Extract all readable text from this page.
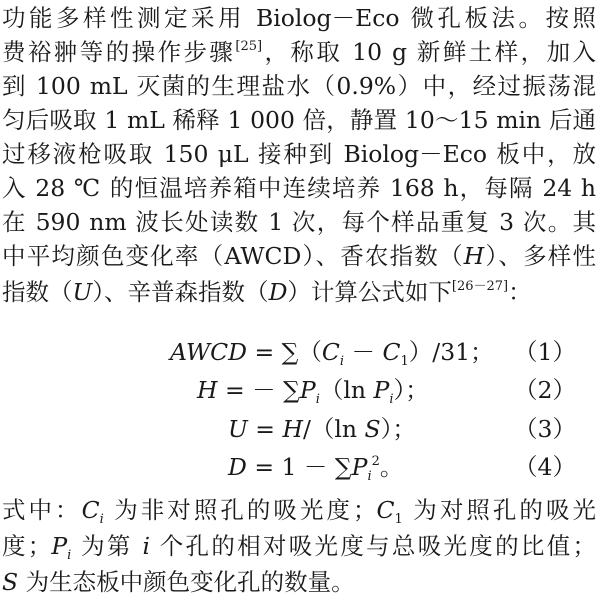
功能多样性测定采用 Biolog－Eco 微孔板法。按照
费裕翀等的操作步骤[25]，称取 10 g 新鲜土样，加入
到 100 mL 灭菌的生理盐水（0.9%）中，经过振荡混
匀后吸取 1 mL 稀释 1 000 倍，静置 10～15 min 后通
过移液枪吸取 150 μL 接种到 Biolog－Eco 板中，放
入 28 ℃ 的恒温培养箱中连续培养 168 h，每隔 24 h
在 590 nm 波长处读数 1 次，每个样品重复 3 次。其
中平均颜色变化率（AWCD）、香农指数（H）、多样性
指数（U）、辛普森指数（D）计算公式如下[26－27]：
AWCD = $\sum(C_i - C_1)/31$； （1）
H = － $\sum P_i(\ln$ $P_i$）；	（2）
U = H/（ln S）；	（3）
$D = 1 - \sum P_i^2$。	（4）
式中：$C_i$ 为非对照孔的吸光度；$C_1$ 为对照孔的吸光
度；$P_i$ 为第 i 个孔的相对吸光度与总吸光度的比值；
S 为生态板中颜色变化孔的数量。
